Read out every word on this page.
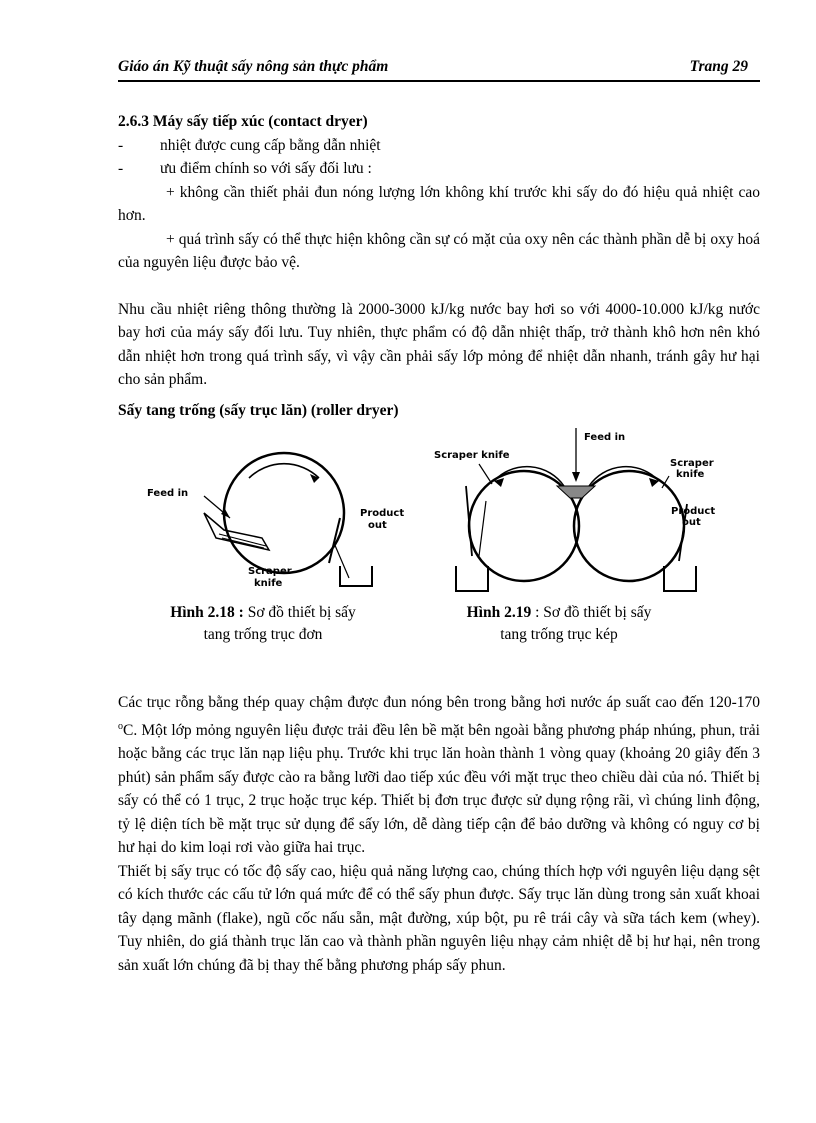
Giáo án Kỹ thuật sấy nông sản thực phẩm	Trang 29

2.6.3 Máy sấy tiếp xúc (contact dryer)

-	nhiệt được cung cấp bằng dẫn nhiệt
-	ưu điểm chính so với sấy đối lưu :

+ không cần thiết phải đun nóng lượng lớn không khí trước khi sấy do đó hiệu quả nhiệt cao hơn.

+ quá trình sấy có thể thực hiện không cần sự có mặt của oxy nên các thành phần dễ bị oxy hoá của nguyên liệu được bảo vệ.

Nhu cầu nhiệt riêng thông thường là 2000-3000 kJ/kg nước bay hơi so với 4000-10.000 kJ/kg nước bay hơi của máy sấy đối lưu. Tuy nhiên, thực phẩm có độ dẫn nhiệt thấp, trở thành khô hơn nên khó dẫn nhiệt hơn trong quá trình sấy, vì vậy cần phải sấy lớp mỏng để nhiệt dẫn nhanh, tránh gây hư hại cho sản phẩm.

Sấy tang trống (sấy trục lăn) (roller dryer)

Feed in
Product
out
Scraper
knife
Feed in
Scraper knife
Scraper
knife
Product
out
Hình 2.18 : Sơ đồ thiết bị sấy
tang trống trục đơn
Hình 2.19 : Sơ đồ thiết bị sấy
tang trống trục kép

Các trục rỗng bằng thép quay chậm được đun nóng bên trong bằng hơi nước áp suất cao đến 120-170 $^o$C. Một lớp mỏng nguyên liệu được trải đều lên bề mặt bên ngoài bằng phương pháp nhúng, phun, trải hoặc bằng các trục lăn nạp liệu phụ. Trước khi trục lăn hoàn thành 1 vòng quay (khoảng 20 giây đến 3 phút) sản phẩm sấy được cào ra bằng lưỡi dao tiếp xúc đều với mặt trục theo chiều dài của nó. Thiết bị sấy có thể có 1 trục, 2 trục hoặc trục kép. Thiết bị đơn trục được sử dụng rộng rãi, vì chúng linh động, tỷ lệ diện tích bề mặt trục sử dụng để sấy lớn, dễ dàng tiếp cận để bảo dưỡng và không có nguy cơ bị hư hại do kim loại rơi vào giữa hai trục.

Thiết bị sấy trục có tốc độ sấy cao, hiệu quả năng lượng cao, chúng thích hợp với nguyên liệu dạng sệt có kích thước các cấu tử lớn quá mức để có thể sấy phun được. Sấy trục lăn dùng trong sản xuất khoai tây dạng mãnh (flake), ngũ cốc nấu sẵn, mật đường, xúp bột, pu rê trái cây và sữa tách kem (whey). Tuy nhiên, do giá thành trục lăn cao và thành phần nguyên liệu nhạy cảm nhiệt dễ bị hư hại, nên trong sản xuất lớn chúng đã bị thay thế bằng phương pháp sấy phun.
